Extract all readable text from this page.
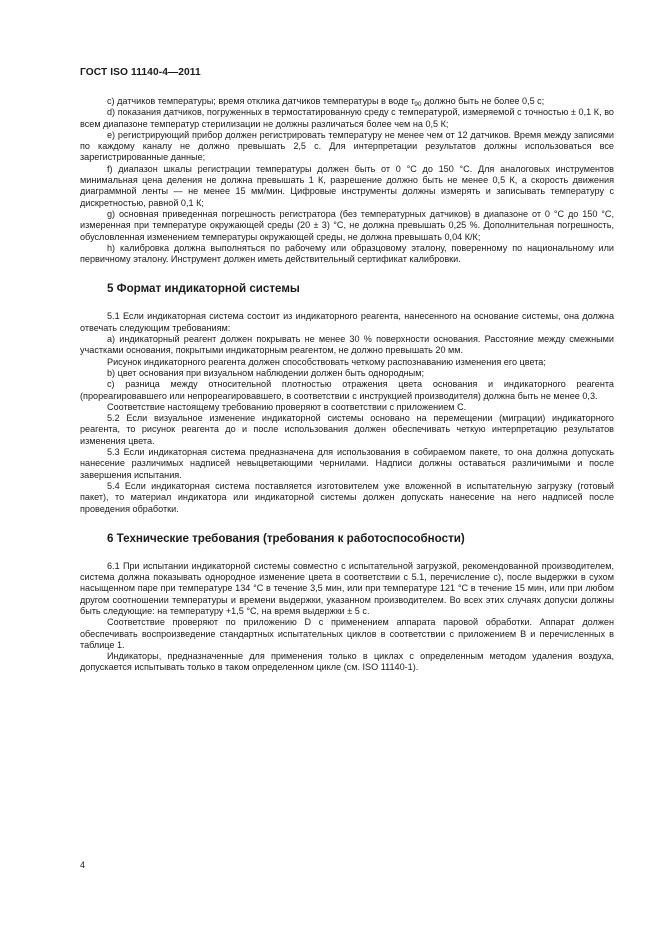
ГОСТ ISO 11140-4—2011

с) датчиков температуры; время отклика датчиков температуры в воде $\tau_{90}$ должно быть не более 0,5 с;

d) показания датчиков, погруженных в термостатированную среду с температурой, измеряемой с точностью ± 0,1 К, во всем диапазоне температур стерилизации не должны различаться более чем на 0,5 К;

е) регистрирующий прибор должен регистрировать температуру не менее чем от 12 датчиков. Время между записями по каждому каналу не должно превышать 2,5 с. Для интерпретации результатов должны использоваться все зарегистрированные данные;

f) диапазон шкалы регистрации температуры должен быть от 0 °С до 150 °С. Для аналоговых инструментов минимальная цена деления не должна превышать 1 К, разрешение должно быть не менее 0,5 К, а скорость движения диаграммной ленты — не менее 15 мм/мин. Цифровые инструменты должны измерять и записывать температуру с дискретностью, равной 0,1 К;

g) основная приведенная погрешность регистратора (без температурных датчиков) в диапазоне от 0 °С до 150 °С, измеренная при температуре окружающей среды (20 ± 3) °С, не должна превышать 0,25 %. Дополнительная погрешность, обусловленная изменением температуры окружающей среды, не должна превышать 0,04 К/К;

h) калибровка должна выполняться по рабочему или образцовому эталону, поверенному по национальному или первичному эталону. Инструмент должен иметь действительный сертификат калибровки.

5 Формат индикаторной системы

5.1 Если индикаторная система состоит из индикаторного реагента, нанесенного на основание системы, она должна отвечать следующим требованиям:

а) индикаторный реагент должен покрывать не менее 30 % поверхности основания. Расстояние между смежными участками основания, покрытыми индикаторным реагентом, не должно превышать 20 мм.

Рисунок индикаторного реагента должен способствовать четкому распознаванию изменения его цвета;

b) цвет основания при визуальном наблюдении должен быть однородным;

с) разница между относительной плотностью отражения цвета основания и индикаторного реагента (прореагировавшего или непрореагировавшего, в соответствии с инструкцией производителя) должна быть не менее 0,3.

Соответствие настоящему требованию проверяют в соответствии с приложением С.

5.2 Если визуальное изменение индикаторной системы основано на перемещении (миграции) индикаторного реагента, то рисунок реагента до и после использования должен обеспечивать четкую интерпретацию результатов изменения цвета.

5.3 Если индикаторная система предназначена для использования в собираемом пакете, то она должна допускать нанесение различимых надписей невыцветающими чернилами. Надписи должны оставаться различимыми и после завершения испытания.

5.4 Если индикаторная система поставляется изготовителем уже вложенной в испытательную загрузку (готовый пакет), то материал индикатора или индикаторной системы должен допускать нанесение на него надписей после проведения обработки.

6 Технические требования (требования к работоспособности)

6.1 При испытании индикаторной системы совместно с испытательной загрузкой, рекомендованной производителем, система должна показывать однородное изменение цвета в соответствии с 5.1, перечисление с), после выдержки в сухом насыщенном паре при температуре 134 °С в течение 3,5 мин, или при температуре 121 °С в течение 15 мин, или при любом другом соотношении температуры и времени выдержки, указанном производителем. Во всех этих случаях допуски должны быть следующие: на температуру +1,5 °С, на время выдержки ± 5 с.

Соответствие проверяют по приложению D с применением аппарата паровой обработки. Аппарат должен обеспечивать воспроизведение стандартных испытательных циклов в соответствии с приложением В и перечисленных в таблице 1.

Индикаторы, предназначенные для применения только в циклах с определенным методом удаления воздуха, допускается испытывать только в таком определенном цикле (см. ISO 11140-1).

4
